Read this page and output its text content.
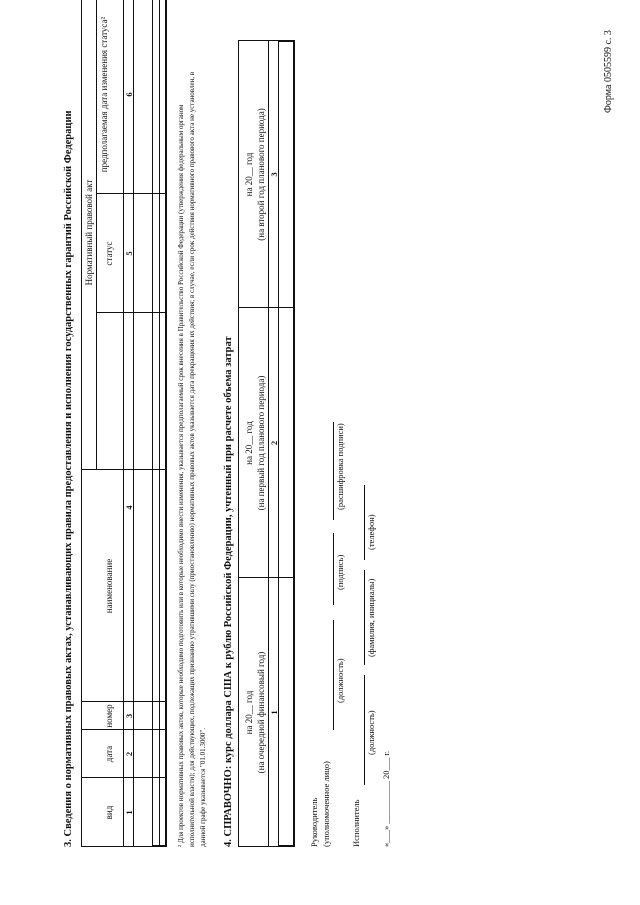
Форма 0505599 с. 3
3. Сведения о нормативных правовых актах, устанавливающих правила предоставления и исполнения государственных гарантий Российской Федерации	вид
дата
номер
Нормативный правовой акт
наименование
статус
предполагаемая дата изменения статуса²
1
2
3
4
5
6
² Для проектов нормативных правовых актов, которые необходимо подготовить или в которые необходимо внести изменения, указывается предполагаемый срок внесения в Правительство Российской Федерации (утверждения федеральным органом исполнительной власти); для действующих, подлежащих признанию утратившими силу (приостановлению) нормативных правовых актов указывается дата прекращения их действия; в случае, если срок действия нормативного правового акта не установлен, в данной графе указывается "01.01.3000". 4. СПРАВОЧНО: курс доллара США к рублю Российской Федерации, учтенный при расчете объема затрат на 20__ год (на очередной финансовый год) 1
на 20__ год (на первый год планового периода) 2
на 20__ год (на второй год планового периода) 3
Руководитель (уполномоченное лицо)
(должность)
(подпись)
(расшифровка подписи)
Исполнитель
(должность)
(фамилия, инициалы)
(телефон)
«___» __________ 20___ г.
